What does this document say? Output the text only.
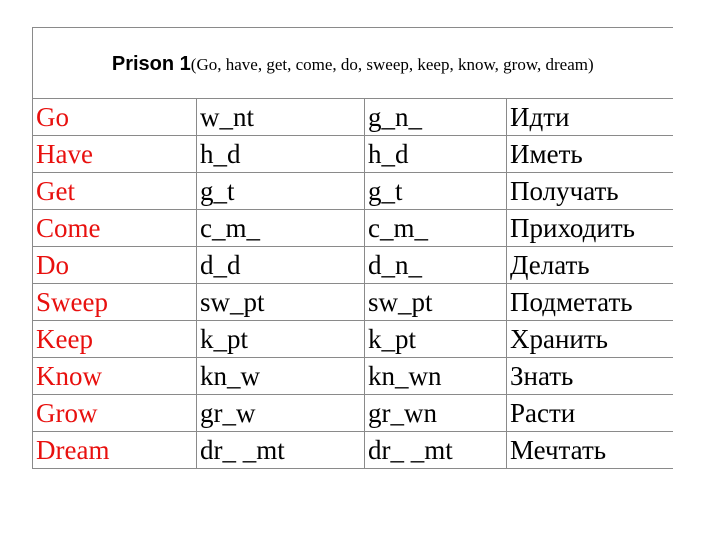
Prison 1(Go, have, get, come, do, sweep, keep, know, grow, dream)			
Go	w_nt	g_n_	Идти
Have	h_d	h_d	Иметь
Get	g_t	g_t	Получать
Come	c_m_	c_m_	Приходить
Do	d_d	d_n_	Делать
Sweep	sw_pt	sw_pt	Подметать
Keep	k_pt	k_pt	Хранить
Know	kn_w	kn_wn	Знать
Grow	gr_w	gr_wn	Расти
Dream	dr_ _mt	dr_ _mt	Мечтать
